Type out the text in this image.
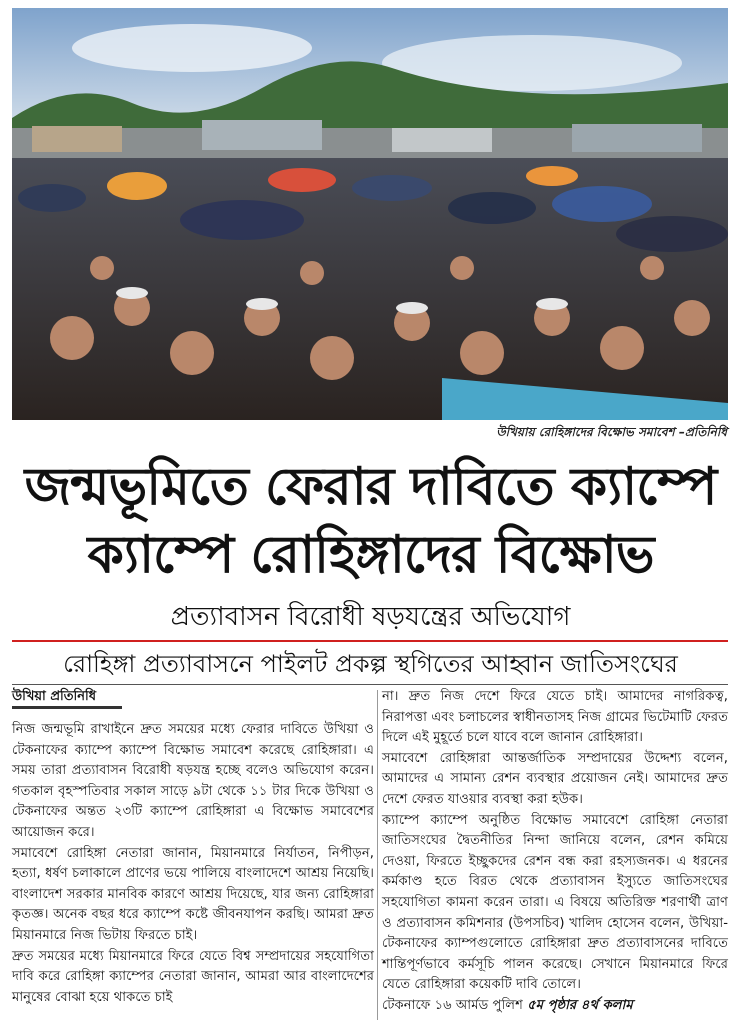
উখিয়ায় রোহিঙ্গাদের বিক্ষোভ সমাবেশ –প্রতিনিধি
জন্মভূমিতে ফেরার দাবিতে ক্যাম্পে
ক্যাম্পে রোহিঙ্গাদের বিক্ষোভ
প্রত্যাবাসন বিরোধী ষড়যন্ত্রের অভিযোগ
রোহিঙ্গা প্রত্যাবাসনে পাইলট প্রকল্প স্থগিতের আহ্বান জাতিসংঘের
উখিয়া প্রতিনিধি

নিজ জন্মভূমি রাখাইনে দ্রুত সময়ের মধ্যে ফেরার দাবিতে উখিয়া ও টেকনাফের ক্যাম্পে ক্যাম্পে বিক্ষোভ সমাবেশ করেছে রোহিঙ্গারা। এ সময় তারা প্রত্যাবাসন বিরোধী ষড়যন্ত্র হচ্ছে বলেও অভিযোগ করেন। গতকাল বৃহস্পতিবার সকাল সাড়ে ৯টা থেকে ১১ টার দিকে উখিয়া ও টেকনাফের অন্তত ২৩টি ক্যাম্পে রোহিঙ্গারা এ বিক্ষোভ সমাবেশের আয়োজন করে।

সমাবেশে রোহিঙ্গা নেতারা জানান, মিয়ানমারে নির্যাতন, নিপীড়ন, হত্যা, ধর্ষণ চলাকালে প্রাণের ভয়ে পালিয়ে বাংলাদেশে আশ্রয় নিয়েছি। বাংলাদেশ সরকার মানবিক কারণে আশ্রয় দিয়েছে, যার জন্য রোহিঙ্গারা কৃতজ্ঞ। অনেক বছর ধরে ক্যাম্পে কষ্টে জীবনযাপন করছি। আমরা দ্রুত মিয়ানমারে নিজ ভিটায় ফিরতে চাই।

দ্রুত সময়ের মধ্যে মিয়ানমারে ফিরে যেতে বিশ্ব সম্প্রদায়ের সহযোগিতা দাবি করে রোহিঙ্গা ক্যাম্পের নেতারা জানান, আমরা আর বাংলাদেশের মানুষের বোঝা হয়ে থাকতে চাই

না। দ্রুত নিজ দেশে ফিরে যেতে চাই। আমাদের নাগরিকত্ব, নিরাপত্তা এবং চলাচলের স্বাধীনতাসহ নিজ গ্রামের ভিটেমাটি ফেরত দিলে এই মুহূর্তে চলে যাবে বলে জানান রোহিঙ্গারা।

সমাবেশে রোহিঙ্গারা আন্তর্জাতিক সম্প্রদায়ের উদ্দেশ্য বলেন, আমাদের এ সামান্য রেশন ব্যবস্থার প্রয়োজন নেই। আমাদের দ্রুত দেশে ফেরত যাওয়ার ব্যবস্থা করা হউক।

ক্যাম্পে ক্যাম্পে অনুষ্ঠিত বিক্ষোভ সমাবেশে রোহিঙ্গা নেতারা জাতিসংঘের দ্বৈতনীতির নিন্দা জানিয়ে বলেন, রেশন কমিয়ে দেওয়া, ফিরতে ইচ্ছুকদের রেশন বন্ধ করা রহস্যজনক। এ ধরনের কর্মকাণ্ড হতে বিরত থেকে প্রত্যাবাসন ইস্যুতে জাতিসংঘের সহযোগিতা কামনা করেন তারা। এ বিষয়ে অতিরিক্ত শরণার্থী ত্রাণ ও প্রত্যাবাসন কমিশনার (উপসচিব) খালিদ হোসেন বলেন, উখিয়া-টেকনাফের ক্যাম্পগুলোতে রোহিঙ্গারা দ্রুত প্রত্যাবাসনের দাবিতে শান্তিপূর্ণভাবে কর্মসূচি পালন করেছে। সেখানে মিয়ানমারে ফিরে যেতে রোহিঙ্গারা কয়েকটি দাবি তোলে।

টেকনাফে ১৬ আর্মড পুলিশ ৫ম পৃষ্ঠার ৪র্থ কলাম
